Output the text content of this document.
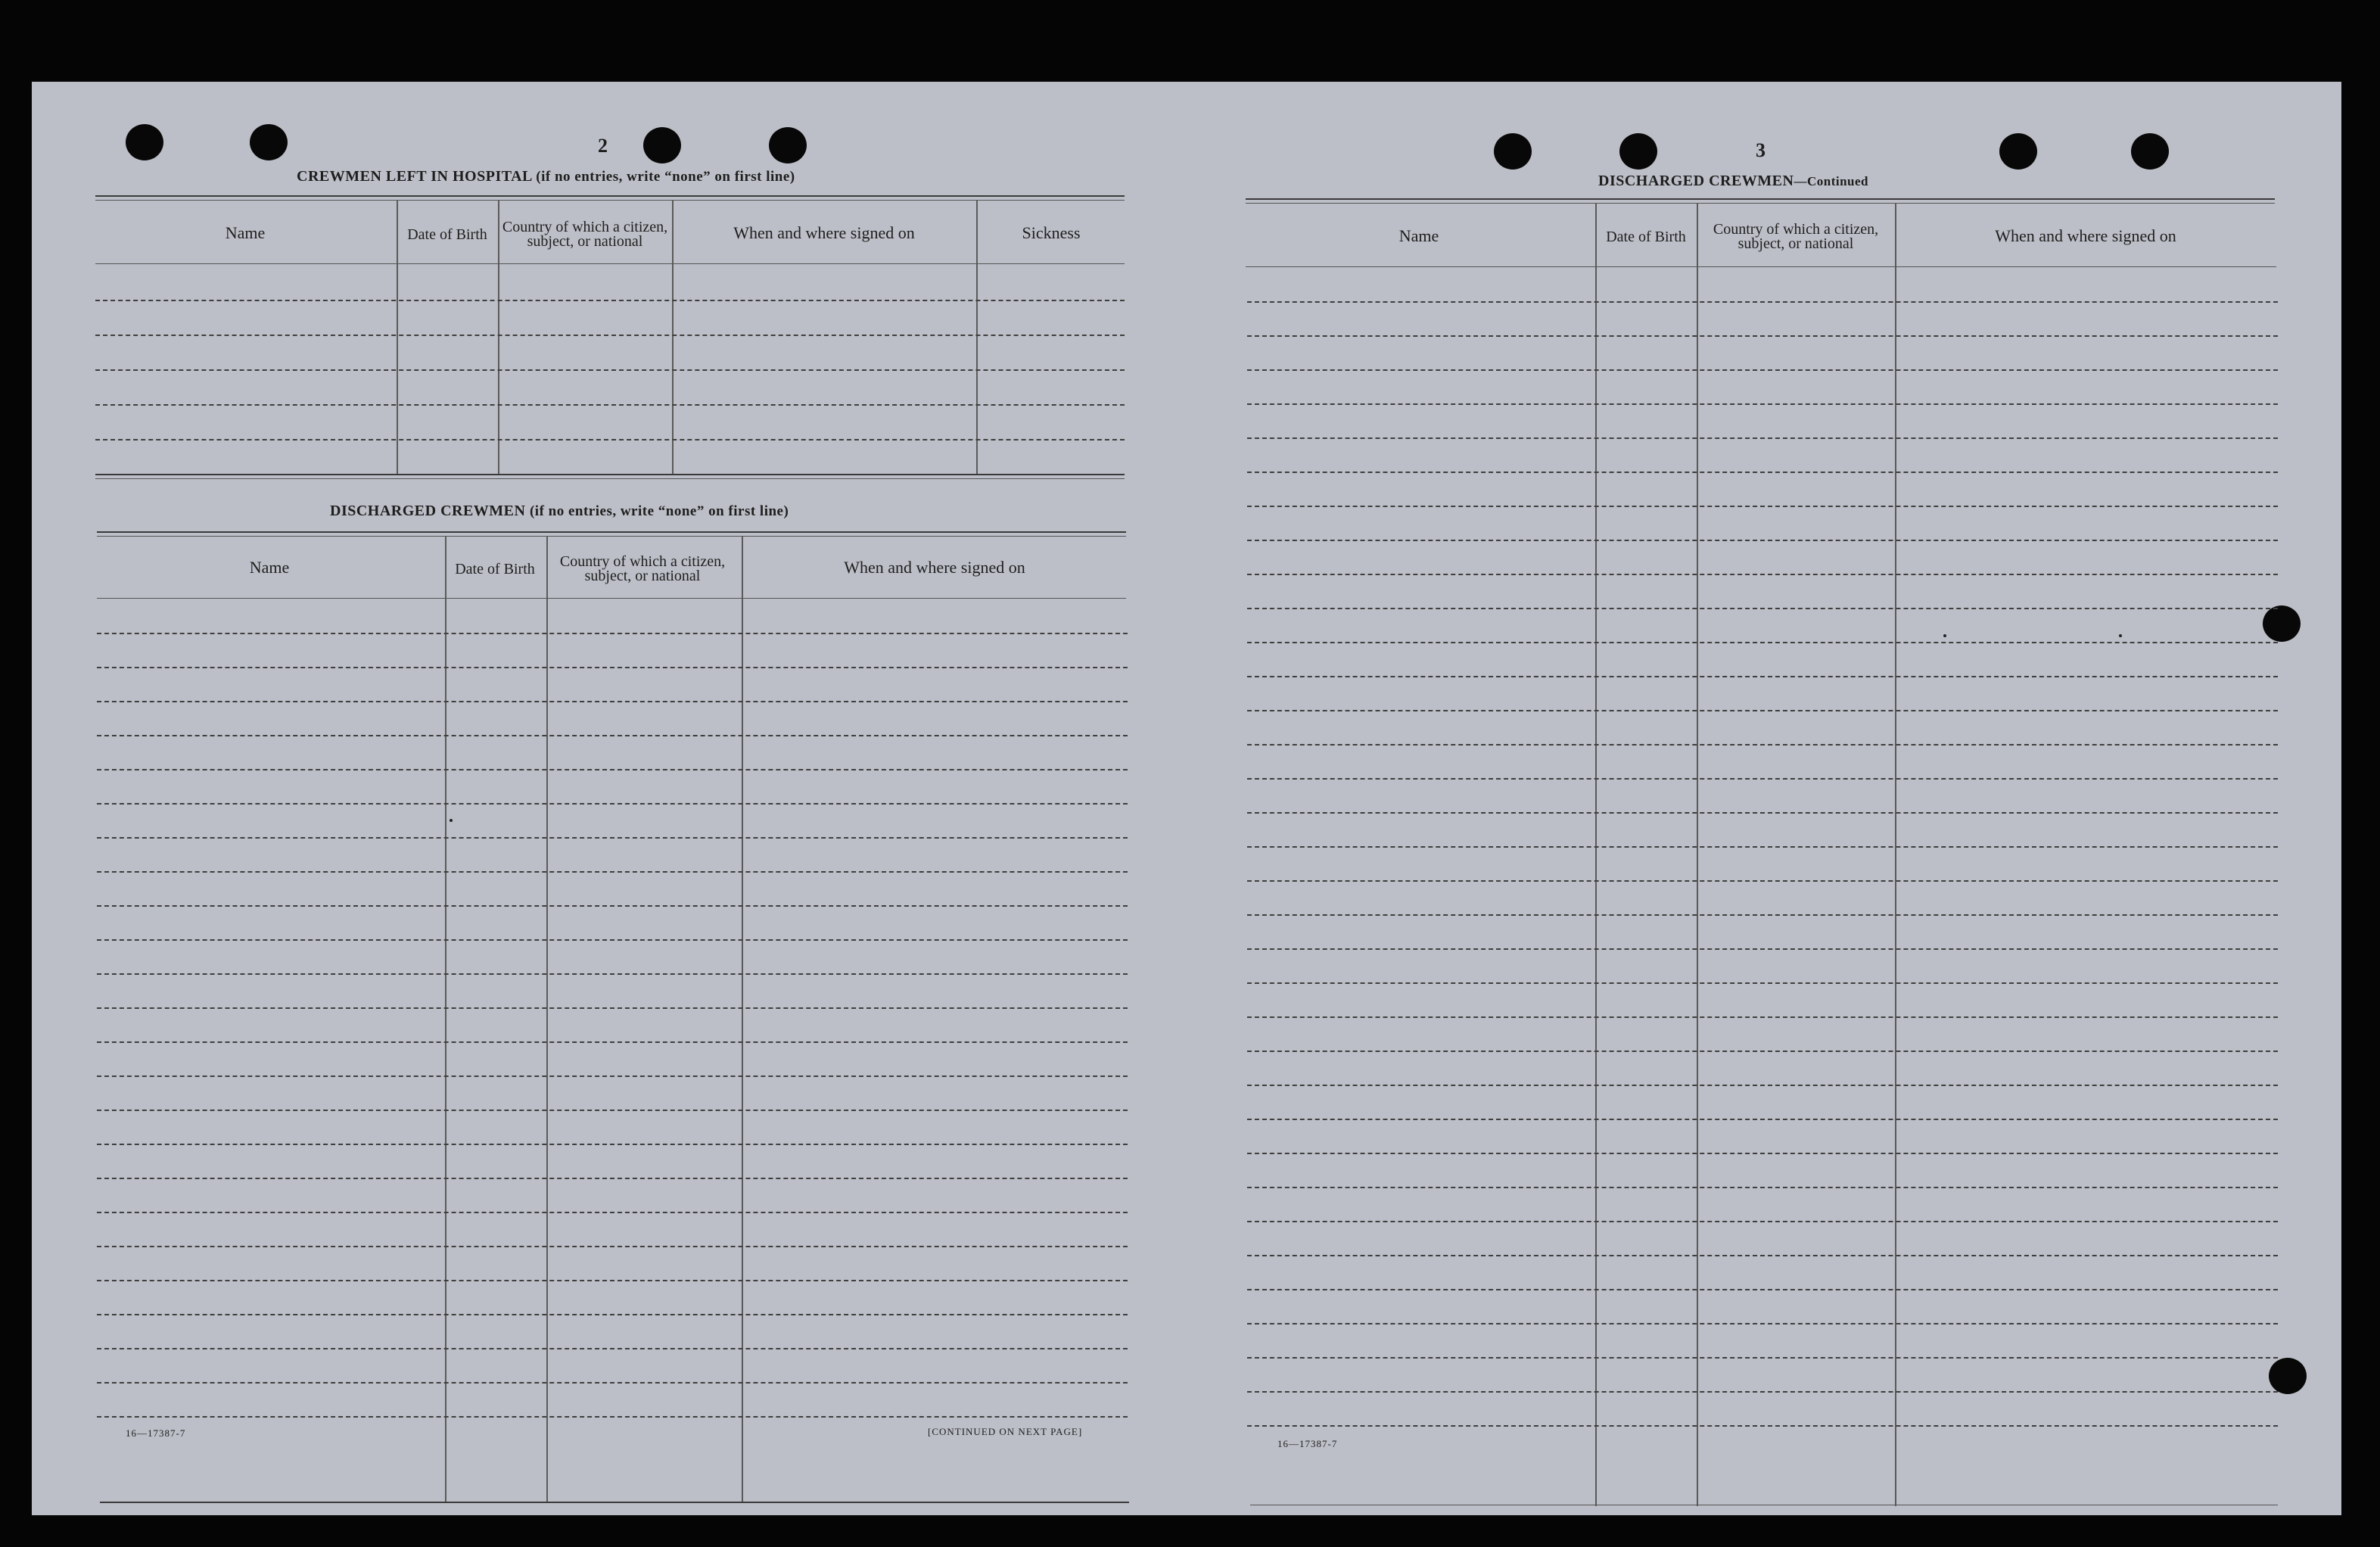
2
CREWMEN LEFT IN HOSPITAL (if no entries, write “none” on first line)
Name	Date of Birth	Country of which a citizen, subject, or national	When and where signed on	Sickness
DISCHARGED CREWMEN (if no entries, write “none” on first line)
Name	Date of Birth	Country of which a citizen, subject, or national	When and where signed on
16—17387-7	[CONTINUED ON NEXT PAGE]
3
DISCHARGED CREWMEN—Continued
Name	Date of Birth	Country of which a citizen, subject, or national	When and where signed on
16—17387-7
